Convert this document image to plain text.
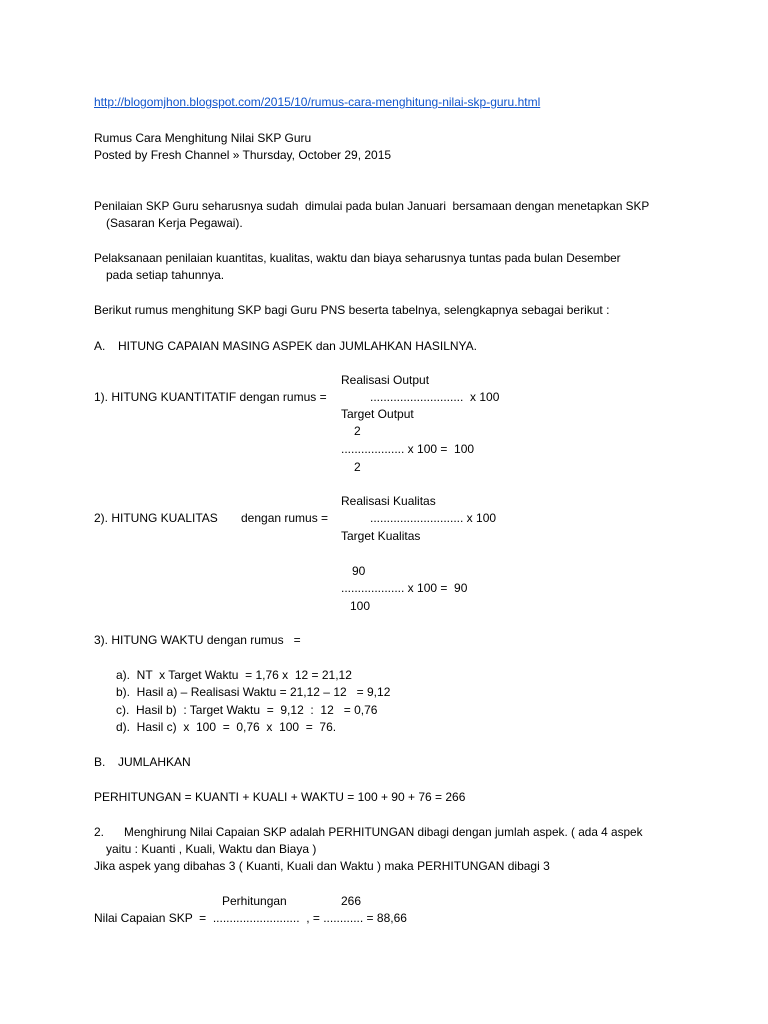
http://blogomjhon.blogspot.com/2015/10/rumus-cara-menghitung-nilai-skp-guru.html
Rumus Cara Menghitung Nilai SKP Guru
Posted by Fresh Channel » Thursday, October 29, 2015
Penilaian SKP Guru seharusnya sudah  dimulai pada bulan Januari  bersamaan dengan menetapkan SKP
(Sasaran Kerja Pegawai).
Pelaksanaan penilaian kuantitas, kualitas, waktu dan biaya seharusnya tuntas pada bulan Desember
pada setiap tahunnya.
Berikut rumus menghitung SKP bagi Guru PNS beserta tabelnya, selengkapnya sebagai berikut :
A. HITUNG CAPAIAN MASING ASPEK dan JUMLAHKAN HASILNYA.
Realisasi Output
1). HITUNG KUANTITATIF dengan rumus =	............................  x 100
Target Output
2
................... x 100 =  100
2
Realisasi Kualitas
2). HITUNG KUALITAS dengan rumus =	............................ x 100
Target Kualitas
90
................... x 100 =  90
100
3). HITUNG WAKTU dengan rumus   =
a).  NT  x Target Waktu  = 1,76 x  12 = 21,12
b).  Hasil a) – Realisasi Waktu = 21,12 – 12   = 9,12
c).  Hasil b)  : Target Waktu  =  9,12  :  12   = 0,76
d).  Hasil c)  x  100  =  0,76  x  100  =  76.
B. JUMLAHKAN
PERHITUNGAN = KUANTI + KUALI + WAKTU = 100 + 90 + 76 = 266
2. Menghirung Nilai Capaian SKP adalah PERHITUNGAN dibagi dengan jumlah aspek. ( ada 4 aspek
yaitu : Kuanti , Kuali, Waktu dan Biaya )
Jika aspek yang dibahas 3 ( Kuanti, Kuali dan Waktu ) maka PERHITUNGAN dibagi 3
Perhitungan	266
Nilai Capaian SKP  =  ..........................  , = ............ = 88,66
